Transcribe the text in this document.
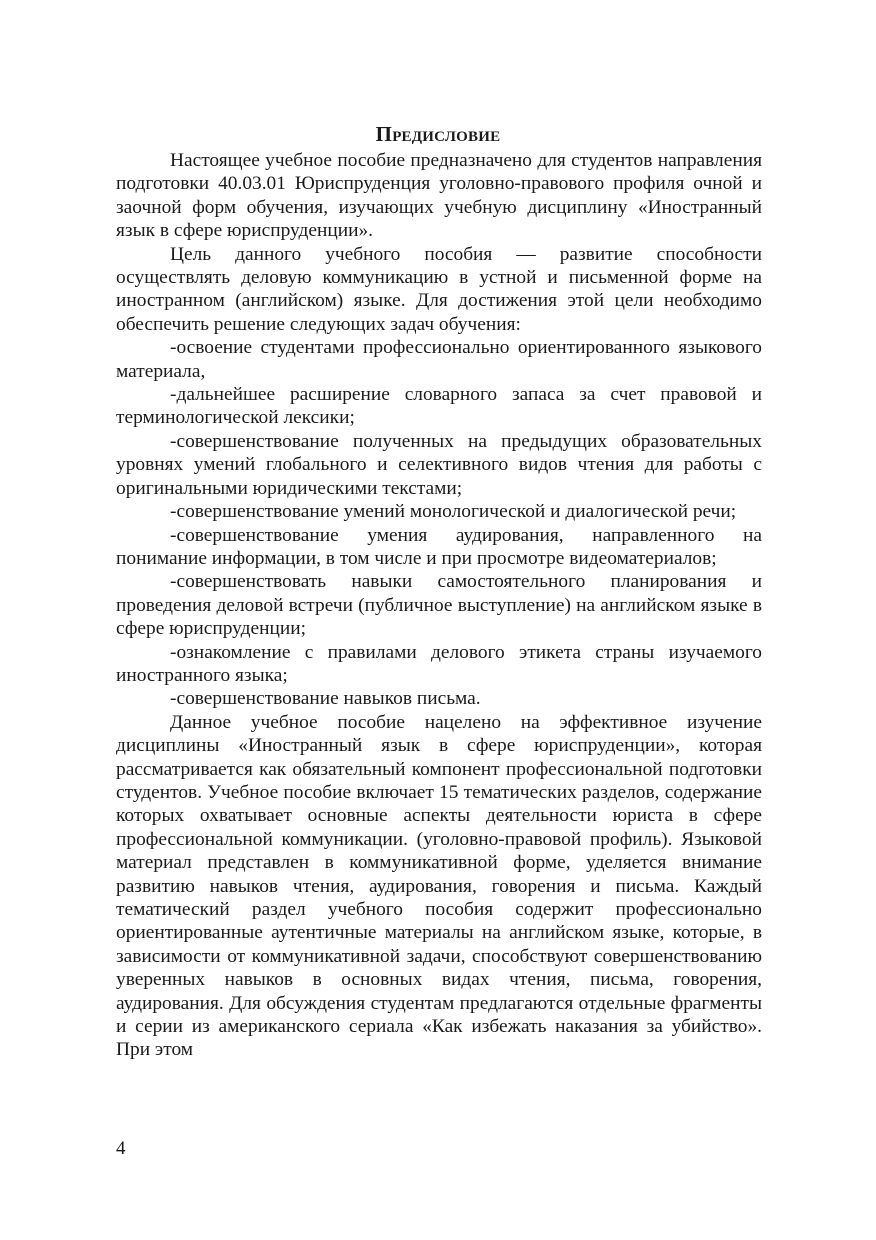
Предисловие

Настоящее учебное пособие предназначено для студентов направления подготовки 40.03.01 Юриспруденция уголовно-правового профиля очной и заочной форм обучения, изучающих учебную дисциплину «Иностранный язык в сфере юриспруденции».

Цель данного учебного пособия — развитие способности осуществлять деловую коммуникацию в устной и письменной форме на иностранном (английском) языке. Для достижения этой цели необходимо обеспечить решение следующих задач обучения:

-освоение студентами профессионально ориентированного языкового материала,

-дальнейшее расширение словарного запаса за счет правовой и терминологической лексики;

-совершенствование полученных на предыдущих образовательных уровнях умений глобального и селективного видов чтения для работы с оригинальными юридическими текстами;

-совершенствование умений монологической и диалогической речи;

-совершенствование умения аудирования, направленного на понимание информации, в том числе и при просмотре видеоматериалов;

-совершенствовать навыки самостоятельного планирования и проведения деловой встречи (публичное выступление) на английском языке в сфере юриспруденции;

-ознакомление с правилами делового этикета страны изучаемого иностранного языка;

-совершенствование навыков письма.

Данное учебное пособие нацелено на эффективное изучение дисциплины «Иностранный язык в сфере юриспруденции», которая рассматривается как обязательный компонент профессиональной подготовки студентов. Учебное пособие включает 15 тематических разделов, содержание которых охватывает основные аспекты деятельности юриста в сфере профессиональной коммуникации. (уголовно-правовой профиль). Языковой материал представлен в коммуникативной форме, уделяется внимание развитию навыков чтения, аудирования, говорения и письма. Каждый тематический раздел учебного пособия содержит профессионально ориентированные аутентичные материалы на английском языке, которые, в зависимости от коммуникативной задачи, способствуют совершенствованию уверенных навыков в основных видах чтения, письма, говорения, аудирования. Для обсуждения студентам предлагаются отдельные фрагменты и серии из американского сериала «Как избежать наказания за убийство». При этом

4
